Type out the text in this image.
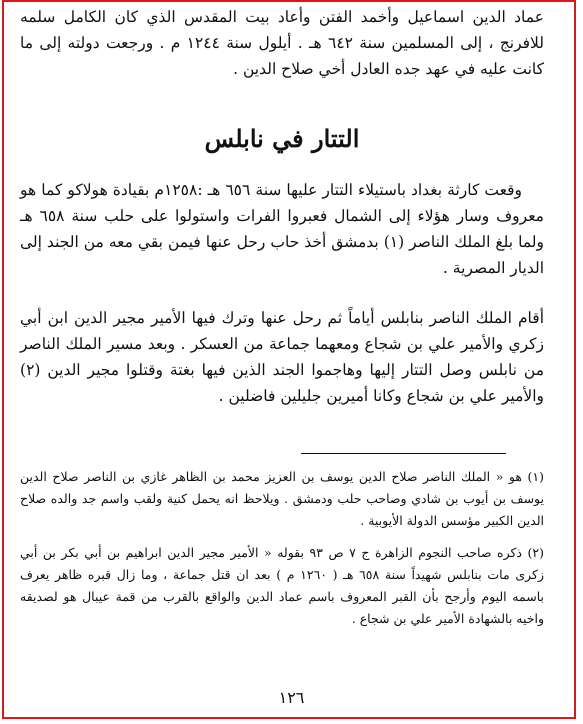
عماد الدين اسماعيل وأخمد الفتن وأعاد بيت المقدس الذي كان الكامل سلمه للافرنج ، إلى المسلمين سنة ٦٤٢ هـ . أيلول سنة ١٢٤٤ م . ورجعت دولته إلى ما كانت عليه في عهد جده العادل أخي صلاح الدين .

التتار في نابلس

وقعت كارثة بغداد باستيلاء التتار عليها سنة ٦٥٦ هـ :١٢٥٨م بقيادة هولاكو كما هو معروف وسار هؤلاء إلى الشمال فعبروا الفرات واستولوا على حلب سنة ٦٥٨ هـ ولما بلغ الملك الناصر (١) بدمشق أخذ حاب رحل عنها فيمن بقي معه من الجند إلى الديار المصرية .

أقام الملك الناصر بنابلس أياماً ثم رحل عنها وترك فيها الأمير مجير الدين ابن أبي زكري والأمير علي بن شجاع ومعهما جماعة من العسكر . وبعد مسير الملك الناصر من نابلس وصل التتار إليها وهاجموا الجند الذين فيها بغتة وقتلوا مجير الدين (٢) والأمير علي بن شجاع وكانا أميرين جليلين فاضلين .

(١) هو « الملك الناصر صلاح الدين يوسف بن العزيز محمد بن الظاهر غازي بن الناصر صلاح الدين يوسف بن أيوب بن شادي وصاحب حلب ودمشق . ويلاحظ انه يحمل كنية ولقب واسم جد والده صلاح الدين الكبير مؤسس الدولة الأيوبية .

(٢) ذكره صاحب النجوم الزاهرة ج ٧ ص ٩٣ بقوله « الأمير مجير الدين ابراهيم بن أبي بكر بن أبي زكرى مات بنابلس شهيداً سنة ٦٥٨ هـ ( ١٢٦٠ م ) بعد ان قتل جماعة ، وما زال قبره ظاهر يعرف باسمه اليوم وأرجح بأن القبر المعروف باسم عماد الدين والواقع بالقرب من قمة عيبال هو لصديقه واخيه بالشهادة الأمير علي بن شجاع .

١٢٦
